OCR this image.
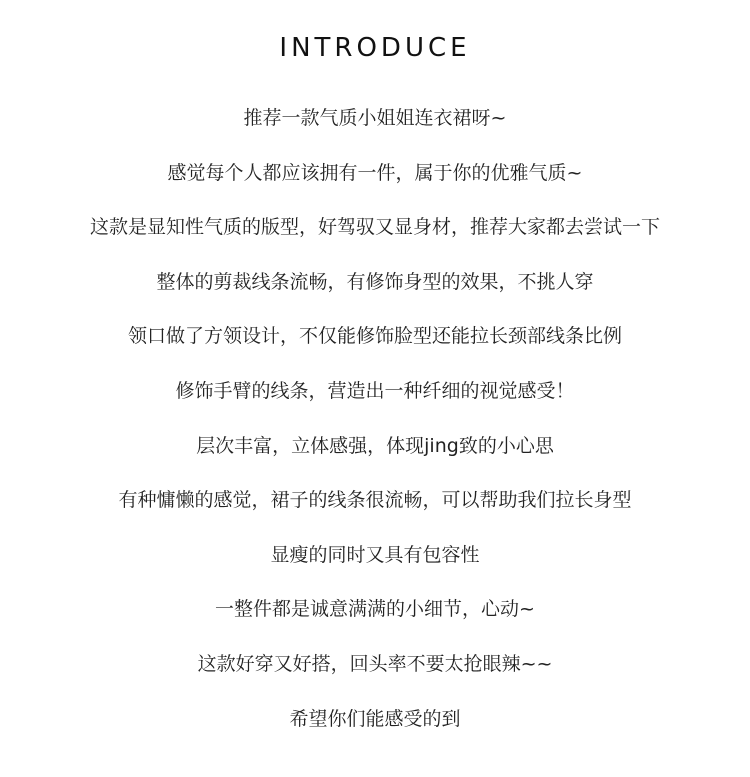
INTRODUCE
推荐一款气质小姐姐连衣裙呀~
感觉每个人都应该拥有一件，属于你的优雅气质~
这款是显知性气质的版型，好驾驭又显身材，推荐大家都去尝试一下
整体的剪裁线条流畅，有修饰身型的效果，不挑人穿
领口做了方领设计，不仅能修饰脸型还能拉长颈部线条比例
修饰手臂的线条，营造出一种纤细的视觉感受！
层次丰富，立体感强，体现jing致的小心思
有种慵懒的感觉，裙子的线条很流畅，可以帮助我们拉长身型
显瘦的同时又具有包容性
一整件都是诚意满满的小细节，心动~
这款好穿又好搭，回头率不要太抢眼辣~~
希望你们能感受的到
